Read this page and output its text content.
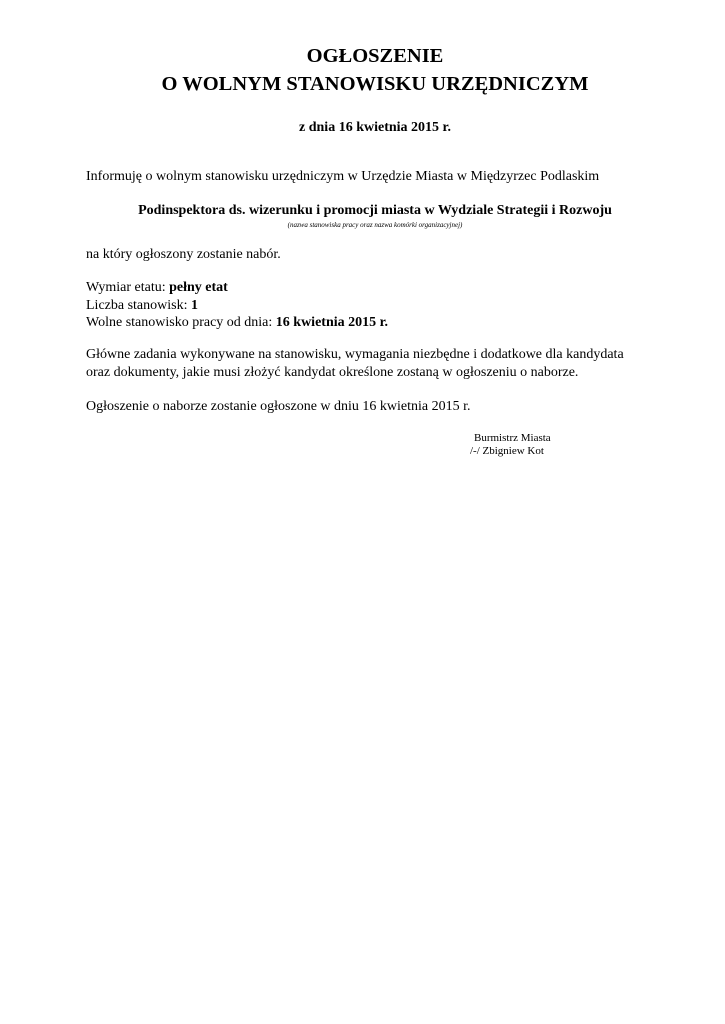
OGŁOSZENIE
O WOLNYM STANOWISKU URZĘDNICZYM
z dnia 16 kwietnia 2015 r.
Informuję o wolnym stanowisku urzędniczym w Urzędzie Miasta w Międzyrzec Podlaskim
Podinspektora ds. wizerunku i promocji miasta w Wydziale Strategii i Rozwoju
(nazwa stanowiska pracy oraz nazwa komórki organizacyjnej)
na który ogłoszony zostanie nabór.
Wymiar etatu: pełny etat
Liczba stanowisk: 1
Wolne stanowisko pracy od dnia: 16 kwietnia 2015 r.
Główne zadania wykonywane na stanowisku, wymagania niezbędne i dodatkowe dla kandydata
oraz dokumenty, jakie musi złożyć kandydat określone zostaną w ogłoszeniu o naborze.
Ogłoszenie o naborze zostanie ogłoszone w dniu 16 kwietnia 2015 r.
Burmistrz Miasta
/-/ Zbigniew Kot
